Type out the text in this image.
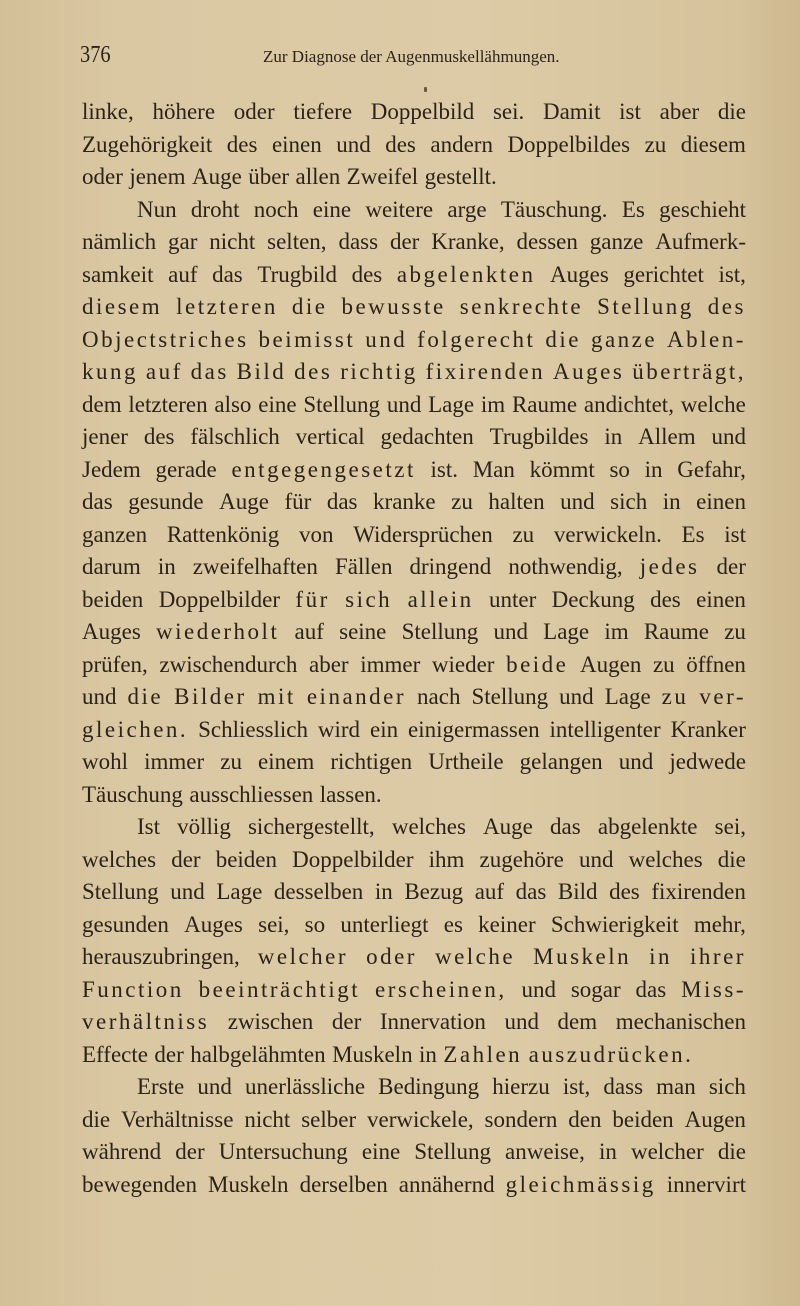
376	Zur Diagnose der Augenmuskellähmungen.
linke, höhere oder tiefere Doppelbild sei. Damit ist aber die
Zugehörigkeit des einen und des andern Doppelbildes zu diesem
oder jenem Auge über allen Zweifel gestellt.
Nun droht noch eine weitere arge Täuschung. Es geschieht
nämlich gar nicht selten, dass der Kranke, dessen ganze Aufmerk-
samkeit auf das Trugbild des abgelenkten Auges gerichtet ist,
diesem letzteren die bewusste senkrechte Stellung des
Objectstriches beimisst und folgerecht die ganze Ablen-
kung auf das Bild des richtig fixirenden Auges überträgt,
dem letzteren also eine Stellung und Lage im Raume andichtet, welche
jener des fälschlich vertical gedachten Trugbildes in Allem und
Jedem gerade entgegengesetzt ist. Man kömmt so in Gefahr,
das gesunde Auge für das kranke zu halten und sich in einen
ganzen Rattenkönig von Widersprüchen zu verwickeln. Es ist
darum in zweifelhaften Fällen dringend nothwendig, jedes der
beiden Doppelbilder für sich allein unter Deckung des einen
Auges wiederholt auf seine Stellung und Lage im Raume zu
prüfen, zwischendurch aber immer wieder beide Augen zu öffnen
und die Bilder mit einander nach Stellung und Lage zu ver-
gleichen. Schliesslich wird ein einigermassen intelligenter Kranker
wohl immer zu einem richtigen Urtheile gelangen und jedwede
Täuschung ausschliessen lassen.
Ist völlig sichergestellt, welches Auge das abgelenkte sei,
welches der beiden Doppelbilder ihm zugehöre und welches die
Stellung und Lage desselben in Bezug auf das Bild des fixirenden
gesunden Auges sei, so unterliegt es keiner Schwierigkeit mehr,
herauszubringen, welcher oder welche Muskeln in ihrer
Function beeinträchtigt erscheinen, und sogar das Miss-
verhältniss zwischen der Innervation und dem mechanischen
Effecte der halbgelähmten Muskeln in Zahlen auszudrücken.
Erste und unerlässliche Bedingung hierzu ist, dass man sich
die Verhältnisse nicht selber verwickele, sondern den beiden Augen
während der Untersuchung eine Stellung anweise, in welcher die
bewegenden Muskeln derselben annähernd gleichmässig innervirt
